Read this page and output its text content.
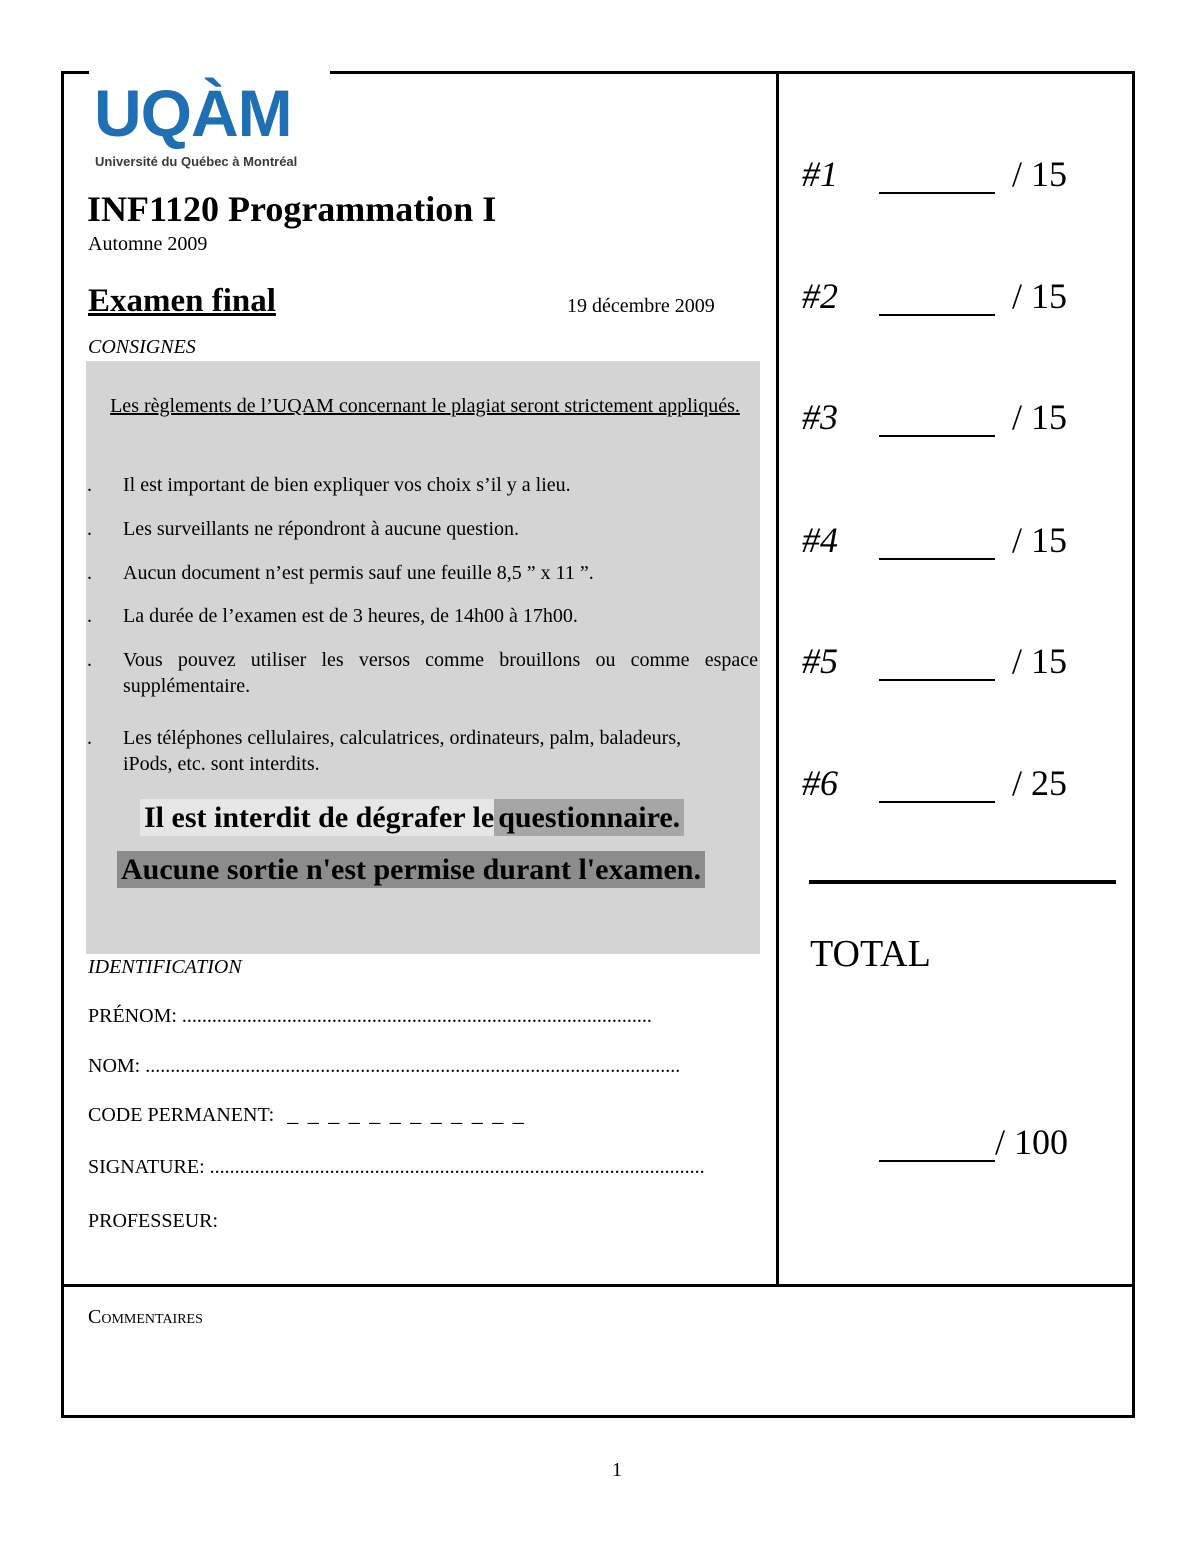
UQÀM
Université du Québec à Montréal
INF1120 Programmation I
Automne 2009
Examen final	19 décembre 2009
CONSIGNES
Les règlements de l’UQAM concernant le plagiat seront strictement appliqués.
. Il est important de bien expliquer vos choix s’il y a lieu.
. Les surveillants ne répondront à aucune question.
. Aucun document n’est permis sauf une feuille 8,5 ” x 11 ”.
. La durée de l’examen est de 3 heures, de 14h00 à 17h00.
. Vous pouvez utiliser les versos comme brouillons ou comme espace supplémentaire.
. Les téléphones cellulaires, calculatrices, ordinateurs, palm, baladeurs, iPods, etc. sont interdits.
Il est interdit de dégrafer le questionnaire.
Aucune sortie n'est permise durant l'examen.
IDENTIFICATION
PRÉNOM: ..............................................................................................
NOM: ...........................................................................................................
CODE PERMANENT: _ _ _ _ _ _ _ _ _ _ _ _
SIGNATURE: ...................................................................................................
PROFESSEUR:
#1	/ 15
#2	/ 15
#3	/ 15
#4	/ 15
#5	/ 15
#6	/ 25
TOTAL
/ 100
Commentaires
1
